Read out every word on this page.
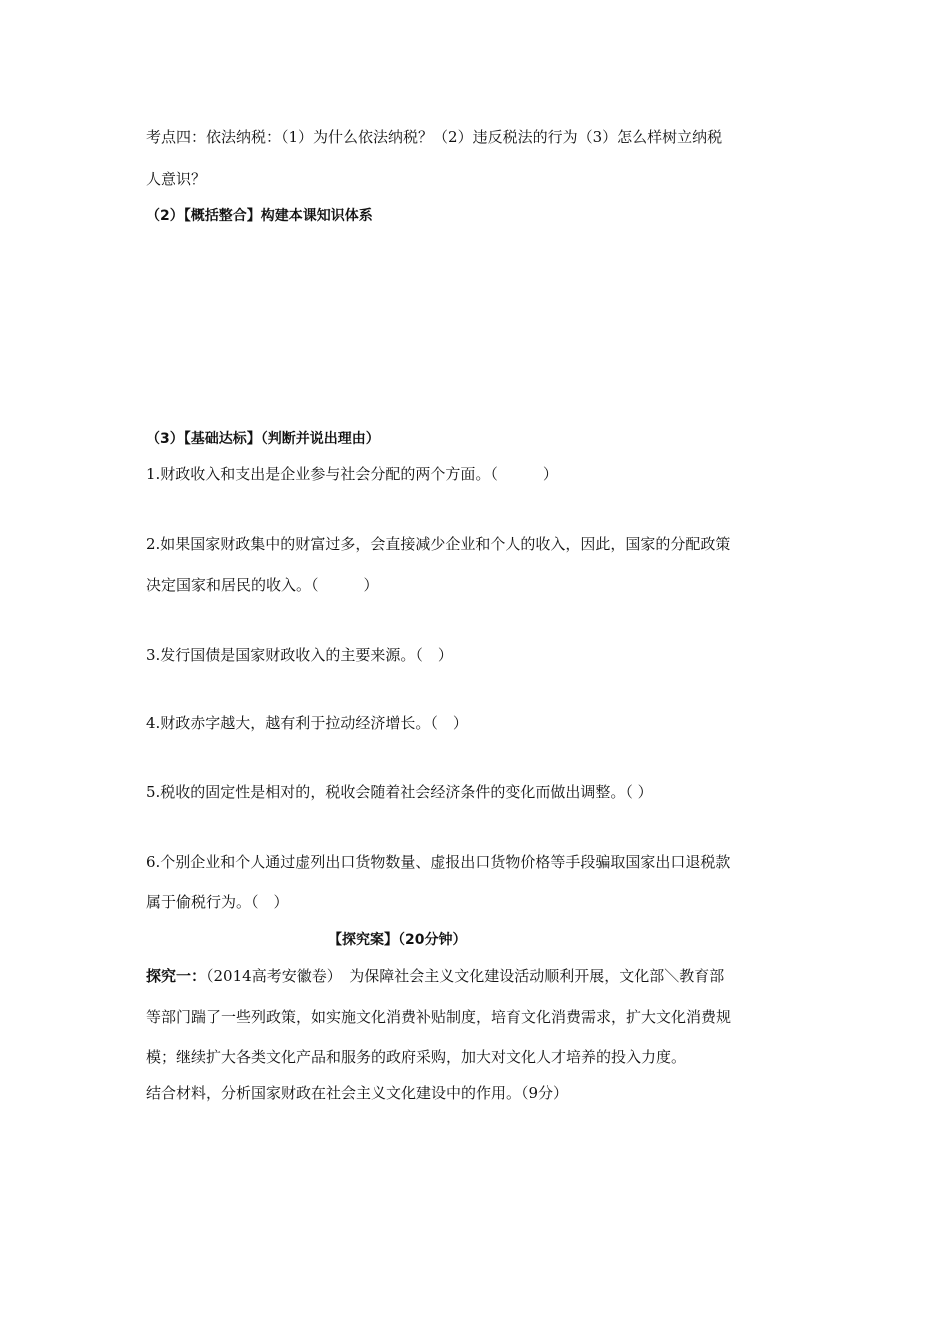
考点四：依法纳税：（1）为什么依法纳税？（2）违反税法的行为（3）怎么样树立纳税
人意识？
（2）【概括整合】构建本课知识体系
（3）【基础达标】（判断并说出理由）
1.财政收入和支出是企业参与社会分配的两个方面。（　　　）
2.如果国家财政集中的财富过多，会直接减少企业和个人的收入，因此，国家的分配政策
决定国家和居民的收入。（　　　）
3.发行国债是国家财政收入的主要来源。（　）
4.财政赤字越大，越有利于拉动经济增长。（　）
5.税收的固定性是相对的，税收会随着社会经济条件的变化而做出调整。（ ）
6.个别企业和个人通过虚列出口货物数量、虚报出口货物价格等手段骗取国家出口退税款
属于偷税行为。（　）
【探究案】（20分钟）
探究一：（2014高考安徽卷）　为保障社会主义文化建设活动顺利开展，文化部＼教育部
等部门踹了一些列政策，如实施文化消费补贴制度，培育文化消费需求，扩大文化消费规
模；继续扩大各类文化产品和服务的政府采购，加大对文化人才培养的投入力度。
结合材料，分析国家财政在社会主义文化建设中的作用。（9分）
